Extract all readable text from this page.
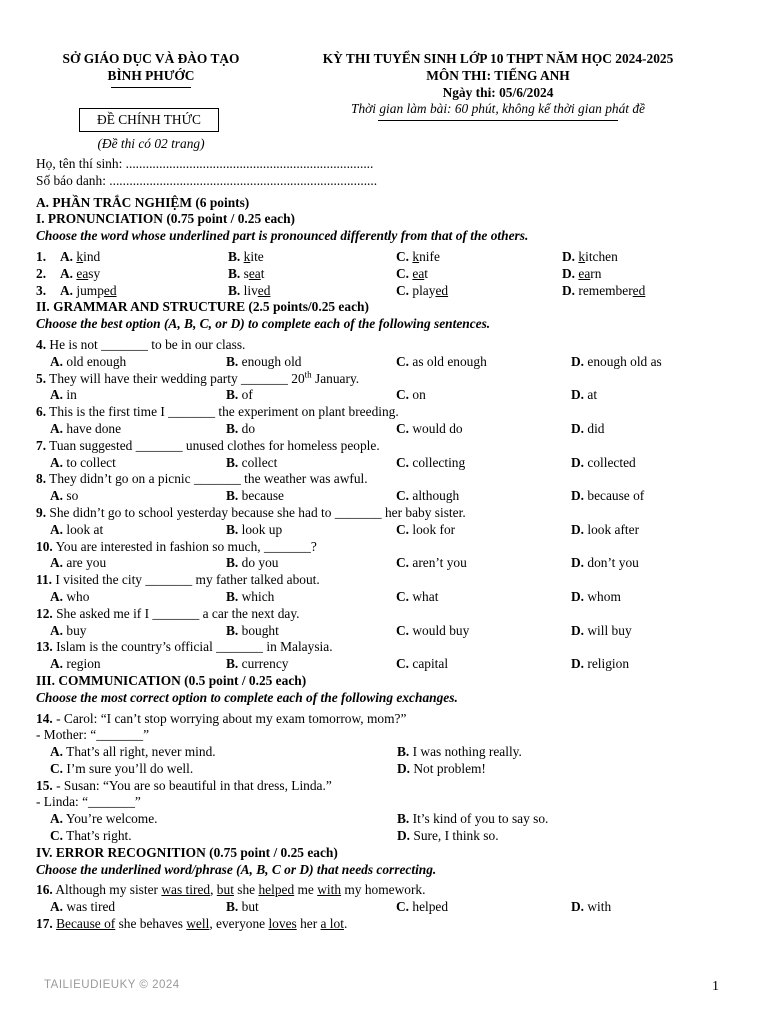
SỞ GIÁO DỤC VÀ ĐÀO TẠO
BÌNH PHƯỚC
KỲ THI TUYỂN SINH LỚP 10 THPT NĂM HỌC 2024-2025
MÔN THI: TIẾNG ANH
Ngày thi: 05/6/2024
Thời gian làm bài: 60 phút, không kể thời gian phát đề
ĐỀ CHÍNH THỨC
(Đề thi có 02 trang)
Họ, tên thí sinh: ..........................................................................
Số báo danh: ................................................................................
A. PHẦN TRẮC NGHIỆM (6 points)
I. PRONUNCIATION (0.75 point / 0.25 each)
Choose the word whose underlined part is pronounced differently from that of the others.
1. A. kind	B. kite	C. knife	D. kitchen
2. A. easy	B. seat	C. eat	D. earn
3. A. jumped	B. lived	C. played	D. remembered
II. GRAMMAR AND STRUCTURE (2.5 points/0.25 each)
Choose the best option (A, B, C, or D) to complete each of the following sentences.
4. He is not _______ to be in our class.
A. old enough	B. enough old	C. as old enough	D. enough old as
5. They will have their wedding party _______ 20th January.
A. in	B. of	C. on	D. at
6. This is the first time I _______ the experiment on plant breeding.
A. have done	B. do	C. would do	D. did
7. Tuan suggested _______ unused clothes for homeless people.
A. to collect	B. collect	C. collecting	D. collected
8. They didn’t go on a picnic _______ the weather was awful.
A. so	B. because	C. although	D. because of
9. She didn’t go to school yesterday because she had to _______ her baby sister.
A. look at	B. look up	C. look for	D. look after
10. You are interested in fashion so much, _______?
A. are you	B. do you	C. aren’t you	D. don’t you
11. I visited the city _______ my father talked about.
A. who	B. which	C. what	D. whom
12. She asked me if I _______ a car the next day.
A. buy	B. bought	C. would buy	D. will buy
13. Islam is the country’s official _______ in Malaysia.
A. region	B. currency	C. capital	D. religion
III. COMMUNICATION (0.5 point / 0.25 each)
Choose the most correct option to complete each of the following exchanges.
14. - Carol: “I can’t stop worrying about my exam tomorrow, mom?”
- Mother: “_______”
A. That’s all right, never mind.	B. I was nothing really.
C. I’m sure you’ll do well.	D. Not problem!
15. - Susan: “You are so beautiful in that dress, Linda.”
- Linda: “_______”
A. You’re welcome.	B. It’s kind of you to say so.
C. That’s right.	D. Sure, I think so.
IV. ERROR RECOGNITION (0.75 point / 0.25 each)
Choose the underlined word/phrase (A, B, C or D) that needs correcting.
16. Although my sister was tired, but she helped me with my homework.
A. was tired	B. but	C. helped	D. with
17. Because of she behaves well, everyone loves her a lot.
TAILIEUDIEUKY © 2024	1
